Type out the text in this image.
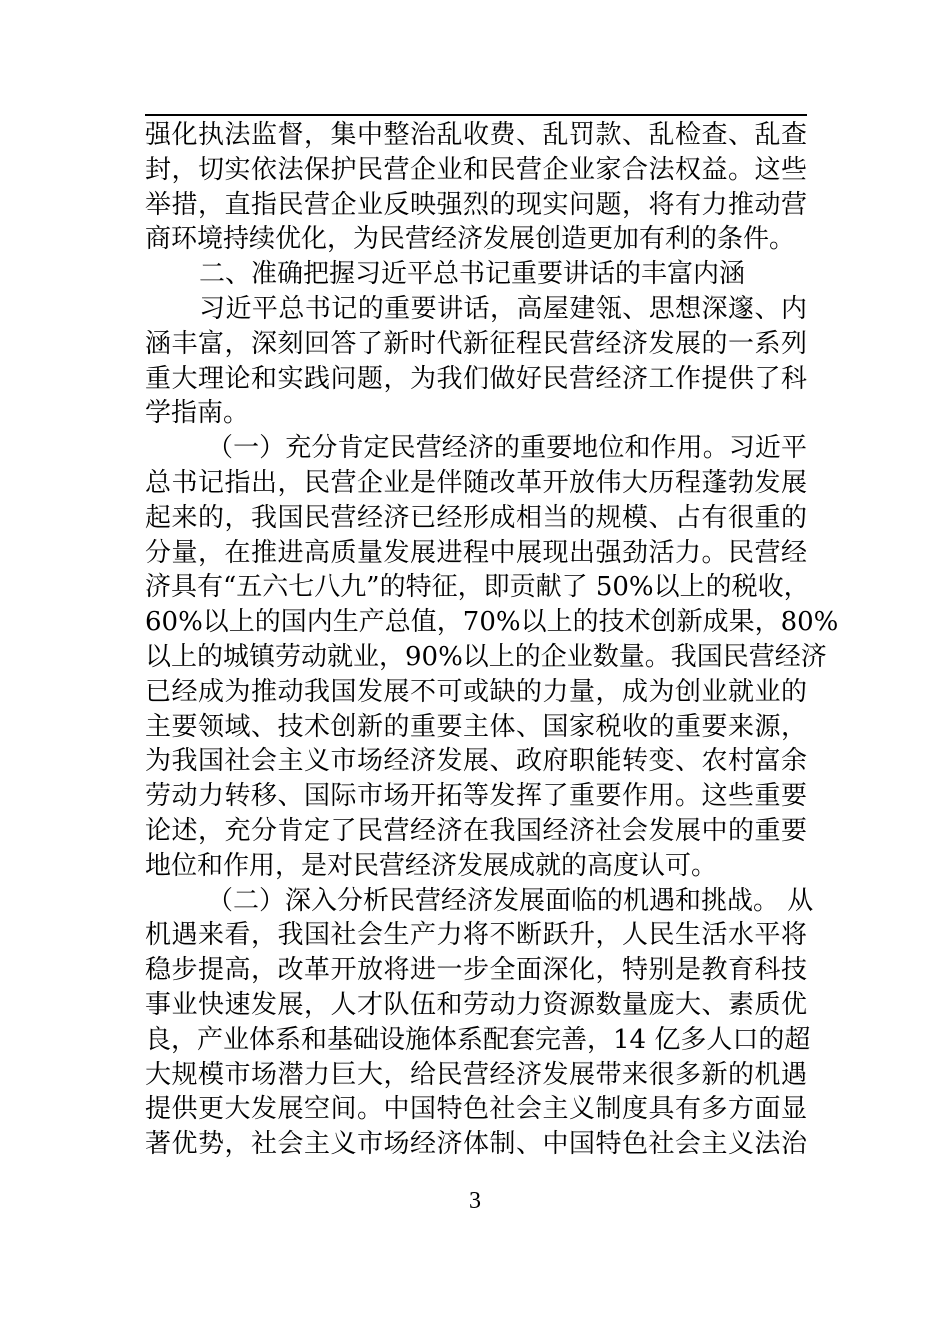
强化执法监督，集中整治乱收费、乱罚款、乱检查、乱查
封，切实依法保护民营企业和民营企业家合法权益。这些
举措，直指民营企业反映强烈的现实问题，将有力推动营
商环境持续优化，为民营经济发展创造更加有利的条件。
二、准确把握习近平总书记重要讲话的丰富内涵
习近平总书记的重要讲话，高屋建瓴、思想深邃、内
涵丰富，深刻回答了新时代新征程民营经济发展的一系列
重大理论和实践问题，为我们做好民营经济工作提供了科
学指南。
（一）充分肯定民营经济的重要地位和作用。习近平
总书记指出，民营企业是伴随改革开放伟大历程蓬勃发展
起来的，我国民营经济已经形成相当的规模、占有很重的
分量，在推进高质量发展进程中展现出强劲活力。民营经
济具有“五六七八九”的特征，即贡献了 50%以上的税收，
60%以上的国内生产总值，70%以上的技术创新成果，80%
以上的城镇劳动就业，90%以上的企业数量。我国民营经济
已经成为推动我国发展不可或缺的力量，成为创业就业的
主要领域、技术创新的重要主体、国家税收的重要来源，
为我国社会主义市场经济发展、政府职能转变、农村富余
劳动力转移、国际市场开拓等发挥了重要作用。这些重要
论述，充分肯定了民营经济在我国经济社会发展中的重要
地位和作用，是对民营经济发展成就的高度认可。
（二）深入分析民营经济发展面临的机遇和挑战。 从
机遇来看，我国社会生产力将不断跃升，人民生活水平将
稳步提高，改革开放将进一步全面深化，特别是教育科技
事业快速发展，人才队伍和劳动力资源数量庞大、素质优
良，产业体系和基础设施体系配套完善，14 亿多人口的超
大规模市场潜力巨大，给民营经济发展带来很多新的机遇
提供更大发展空间。中国特色社会主义制度具有多方面显
著优势，社会主义市场经济体制、中国特色社会主义法治
3
